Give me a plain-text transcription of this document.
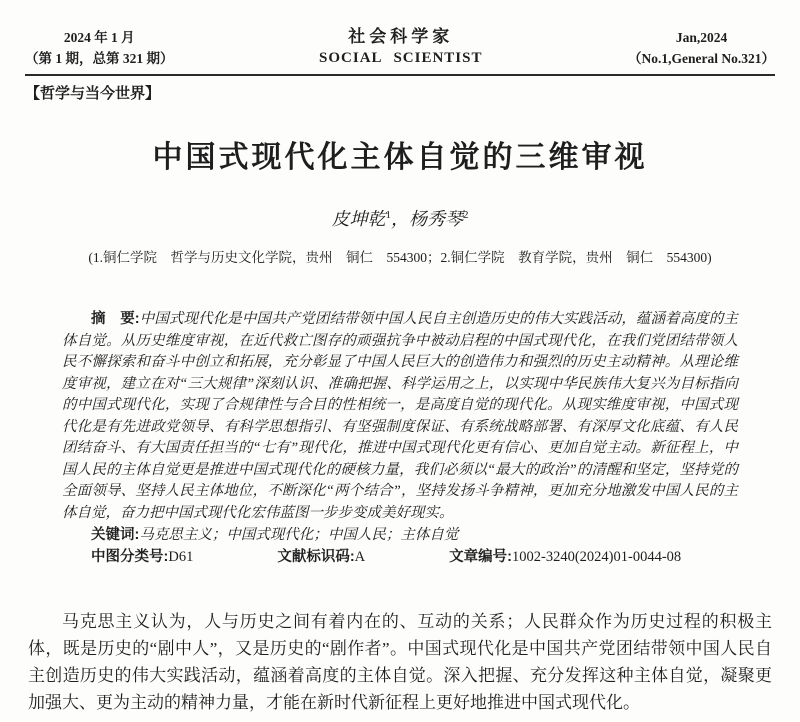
2024 年 1 月
（第 1 期，总第 321 期）
社会科学家
SOCIAL SCIENTIST
Jan,2024
（No.1,General No.321）
【哲学与当今世界】
中国式现代化主体自觉的三维审视
皮坤乾$^1$，杨秀琴$^2$
(1.铜仁学院　哲学与历史文化学院，贵州　铜仁　554300；2.铜仁学院　教育学院，贵州　铜仁　554300)

摘　要:中国式现代化是中国共产党团结带领中国人民自主创造历史的伟大实践活动，蕴涵着高度的主体自觉。从历史维度审视，在近代救亡图存的顽强抗争中被动启程的中国式现代化，在我们党团结带领人民不懈探索和奋斗中创立和拓展，充分彰显了中国人民巨大的创造伟力和强烈的历史主动精神。从理论维度审视，建立在对“三大规律”深刻认识、准确把握、科学运用之上，以实现中华民族伟大复兴为目标指向的中国式现代化，实现了合规律性与合目的性相统一，是高度自觉的现代化。从现实维度审视，中国式现代化是有先进政党领导、有科学思想指引、有坚强制度保证、有系统战略部署、有深厚文化底蕴、有人民团结奋斗、有大国责任担当的“七有”现代化，推进中国式现代化更有信心、更加自觉主动。新征程上，中国人民的主体自觉更是推进中国式现代化的硬核力量，我们必须以“最大的政治”的清醒和坚定，坚持党的全面领导、坚持人民主体地位，不断深化“两个结合”，坚持发扬斗争精神，更加充分地激发中国人民的主体自觉，奋力把中国式现代化宏伟蓝图一步步变成美好现实。

关键词:马克思主义；中国式现代化；中国人民；主体自觉

中图分类号:D61	文献标识码:A	文章编号:1002-3240(2024)01-0044-08

马克思主义认为，人与历史之间有着内在的、互动的关系；人民群众作为历史过程的积极主体，既是历史的“剧中人”，又是历史的“剧作者”。中国式现代化是中国共产党团结带领中国人民自主创造历史的伟大实践活动，蕴涵着高度的主体自觉。深入把握、充分发挥这种主体自觉，凝聚更加强大、更为主动的精神力量，才能在新时代新征程上更好地推进中国式现代化。
